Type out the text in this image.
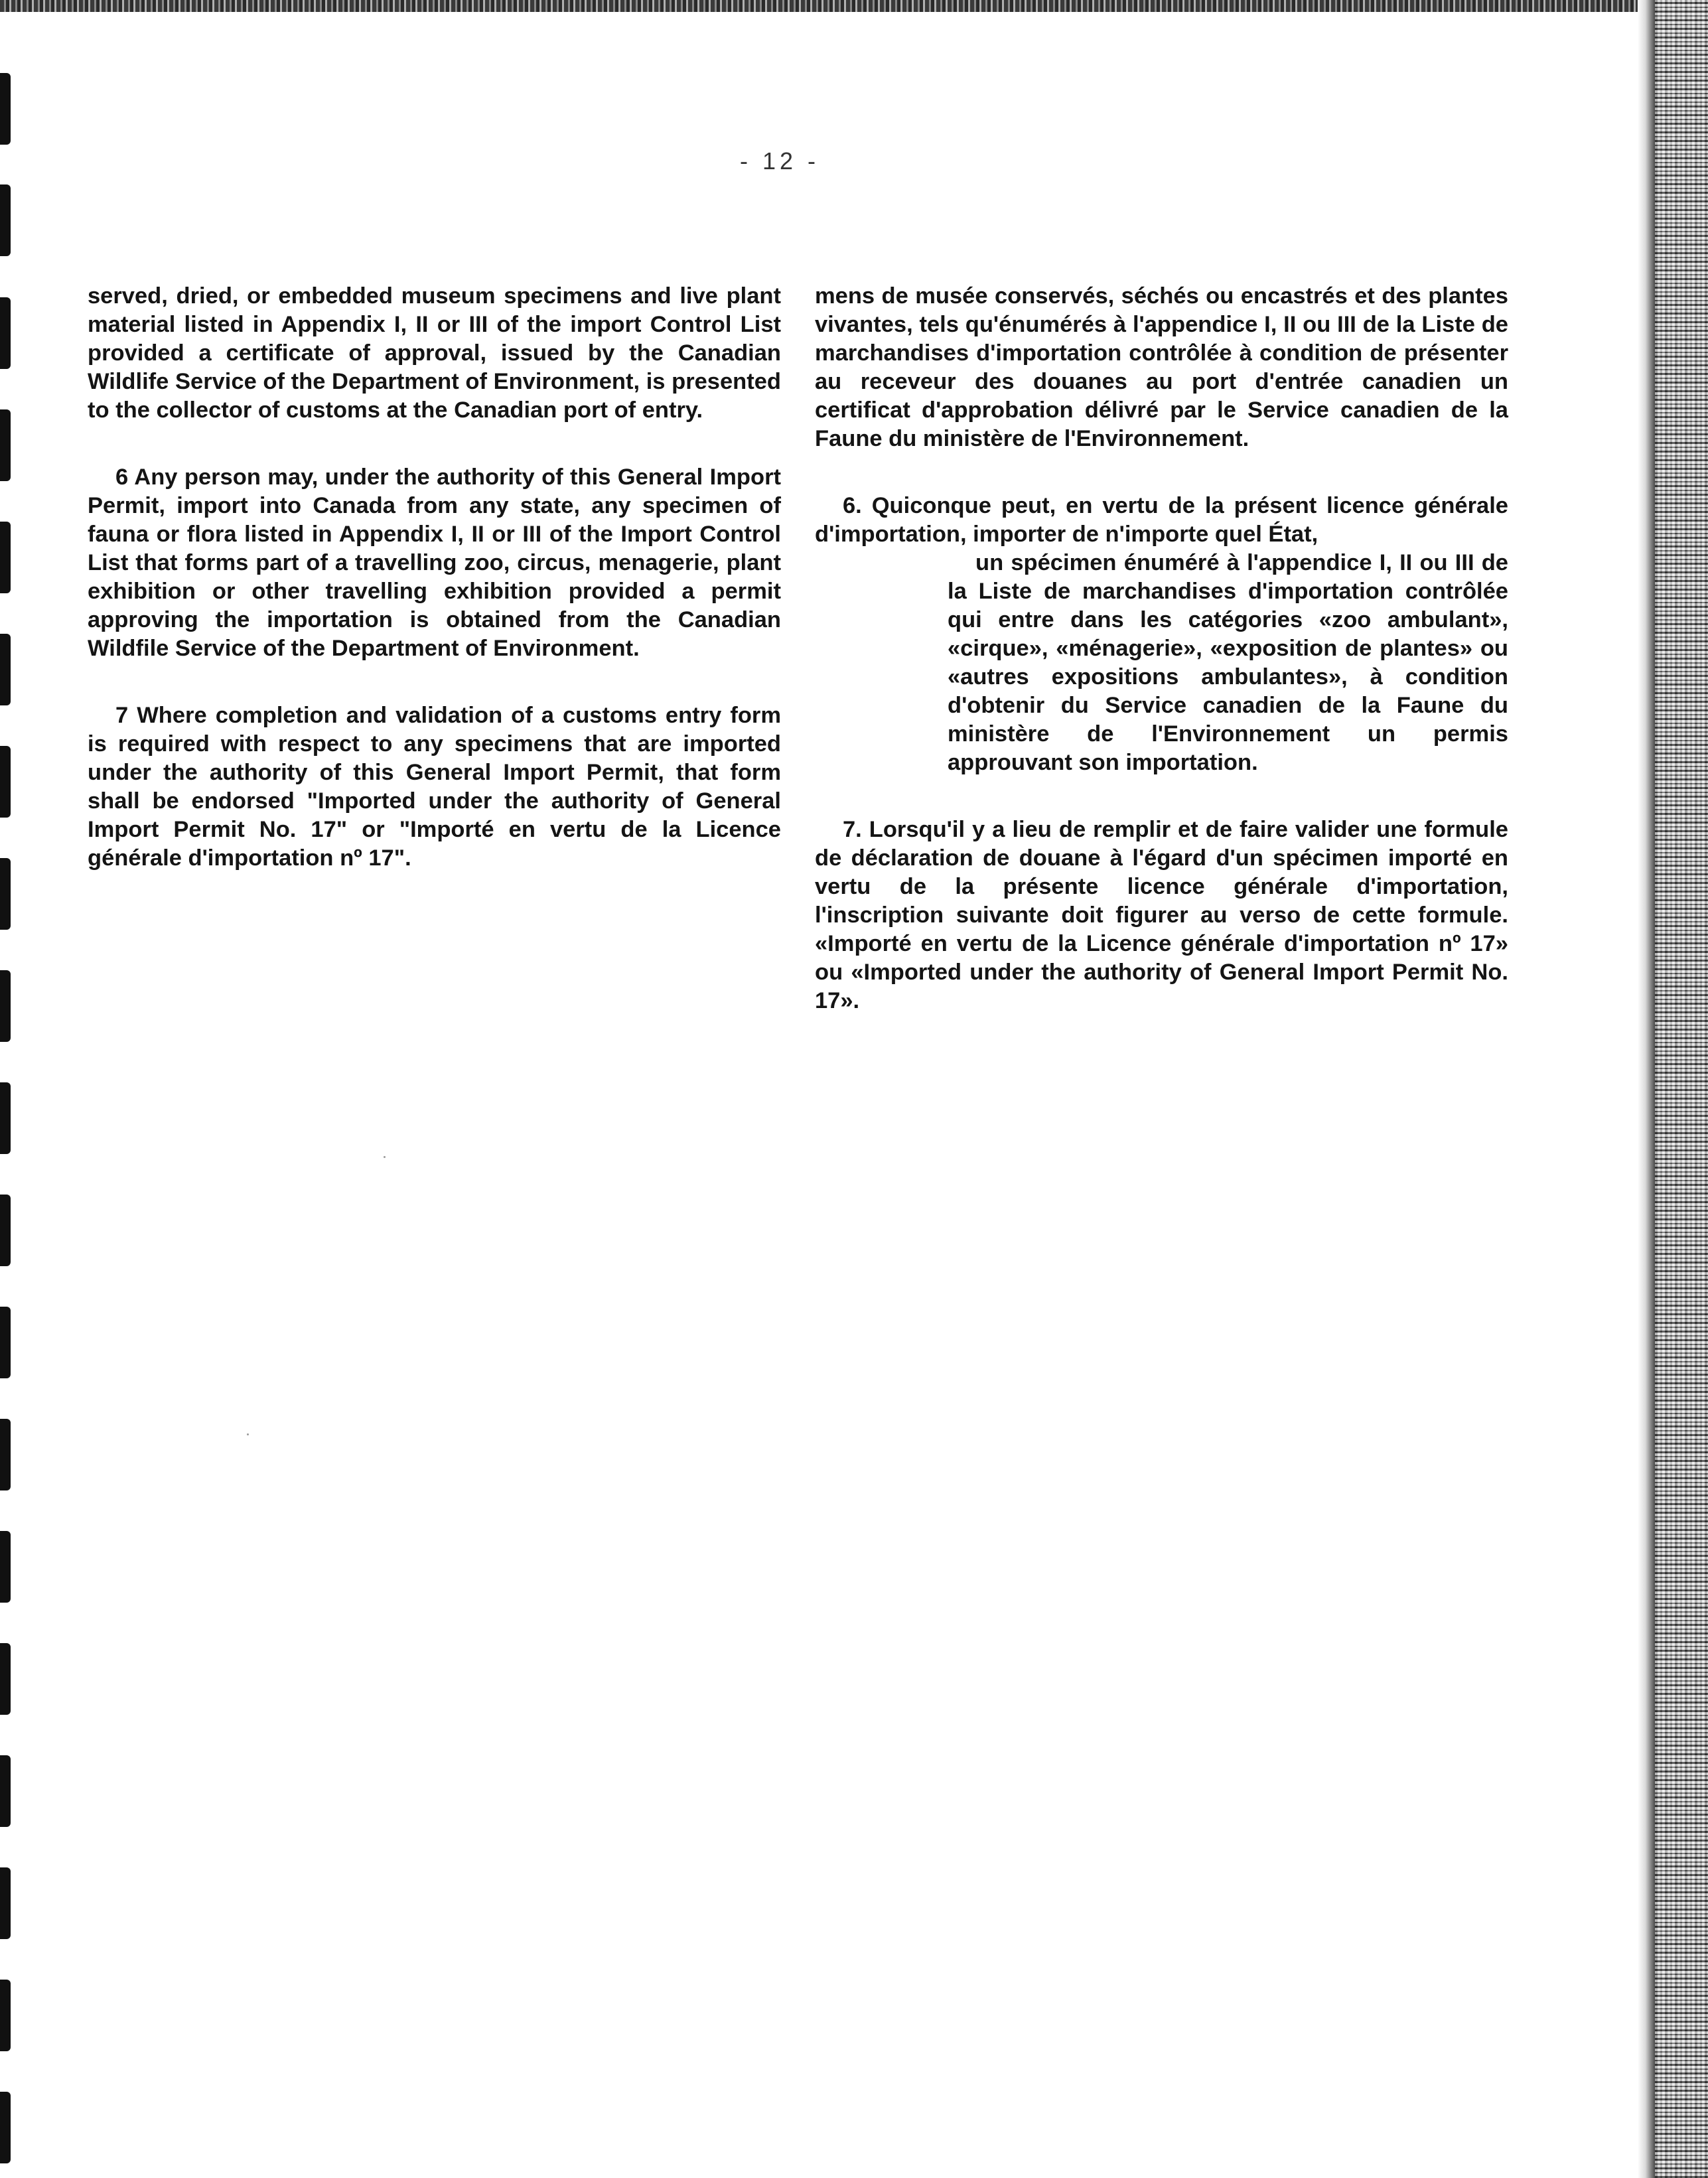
- 12 -

served, dried, or embedded museum specimens and live plant material listed in Appendix I, II or III of the import Control List provided a certificate of approval, issued by the Canadian Wildlife Service of the Department of Environment, is presented to the collector of customs at the Canadian port of entry.

6 Any person may, under the authority of this General Import Permit, import into Canada from any state, any specimen of fauna or flora listed in Appendix I, II or III of the Import Control List that forms part of a travelling zoo, circus, menagerie, plant exhibition or other travelling exhibition provided a permit approving the importation is obtained from the Canadian Wildfile Service of the Department of Environment.

7 Where completion and validation of a customs entry form is required with respect to any specimens that are imported under the authority of this General Import Permit, that form shall be endorsed "Imported under the authority of General Import Permit No. 17" or "Importé en vertu de la Licence générale d'importation nº 17".

mens de musée conservés, séchés ou encastrés et des plantes vivantes, tels qu'énumérés à l'appendice I, II ou III de la Liste de marchandises d'importation contrôlée à condition de présenter au receveur des douanes au port d'entrée canadien un certificat d'approbation délivré par le Service canadien de la Faune du ministère de l'Environnement.

6. Quiconque peut, en vertu de la présent licence générale d'importation, importer de n'importe quel État,
un spécimen énuméré à l'appendice I, II ou III de la Liste de marchandises d'importation contrôlée qui entre dans les catégories «zoo ambulant», «cirque», «ménagerie», «exposition de plantes» ou «autres expositions ambulantes», à condition d'obtenir du Service canadien de la Faune du ministère de l'Environnement un permis approuvant son importation.

7. Lorsqu'il y a lieu de remplir et de faire valider une formule de déclaration de douane à l'égard d'un spécimen importé en vertu de la présente licence générale d'importation, l'inscription suivante doit figurer au verso de cette formule. «Importé en vertu de la Licence générale d'importation nº 17» ou «Imported under the authority of General Import Permit No. 17».
